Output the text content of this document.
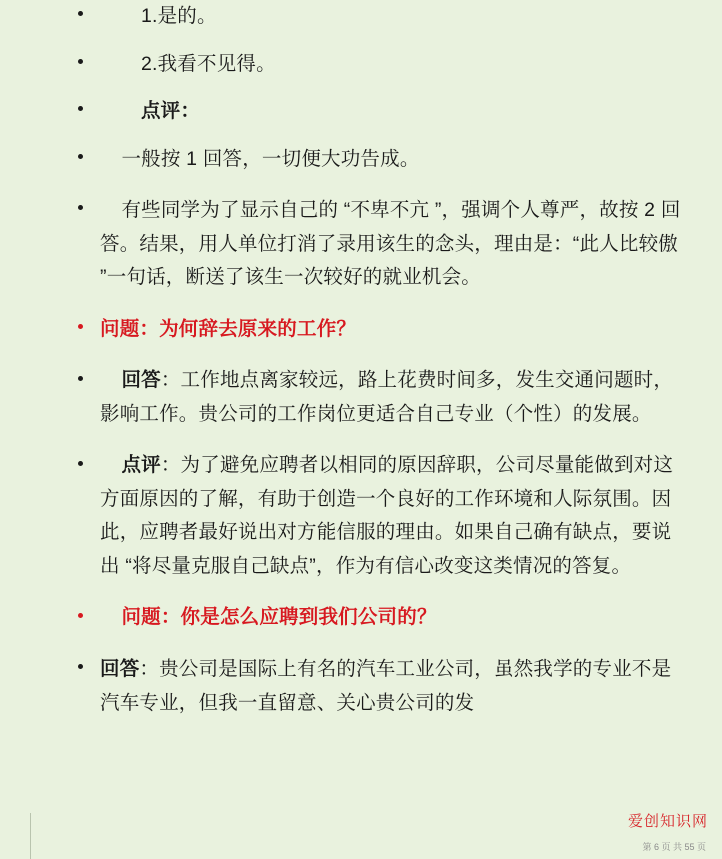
1.是的。
2.我看不见得。
点评：
一般按 1 回答，一切便大功告成。
有些同学为了显示自己的 “不卑不亢 ”，强调个人尊严，故按 2 回答。结果，用人单位打消了录用该生的念头，理由是：“此人比较傲 ”一句话，断送了该生一次较好的就业机会。
问题：为何辞去原来的工作？
回答：工作地点离家较远，路上花费时间多，发生交通问题时，影响工作。贵公司的工作岗位更适合自己专业（个性）的发展。
点评：为了避免应聘者以相同的原因辞职，公司尽量能做到对这方面原因的了解，有助于创造一个良好的工作环境和人际氛围。因此，应聘者最好说出对方能信服的理由。如果自己确有缺点，要说出 “将尽量克服自己缺点”，作为有信心改变这类情况的答复。
问题：你是怎么应聘到我们公司的？
回答：贵公司是国际上有名的汽车工业公司，虽然我学的专业不是汽车专业，但我一直留意、关心贵公司的发
爱创知识网
第 6 页 共 55 页
